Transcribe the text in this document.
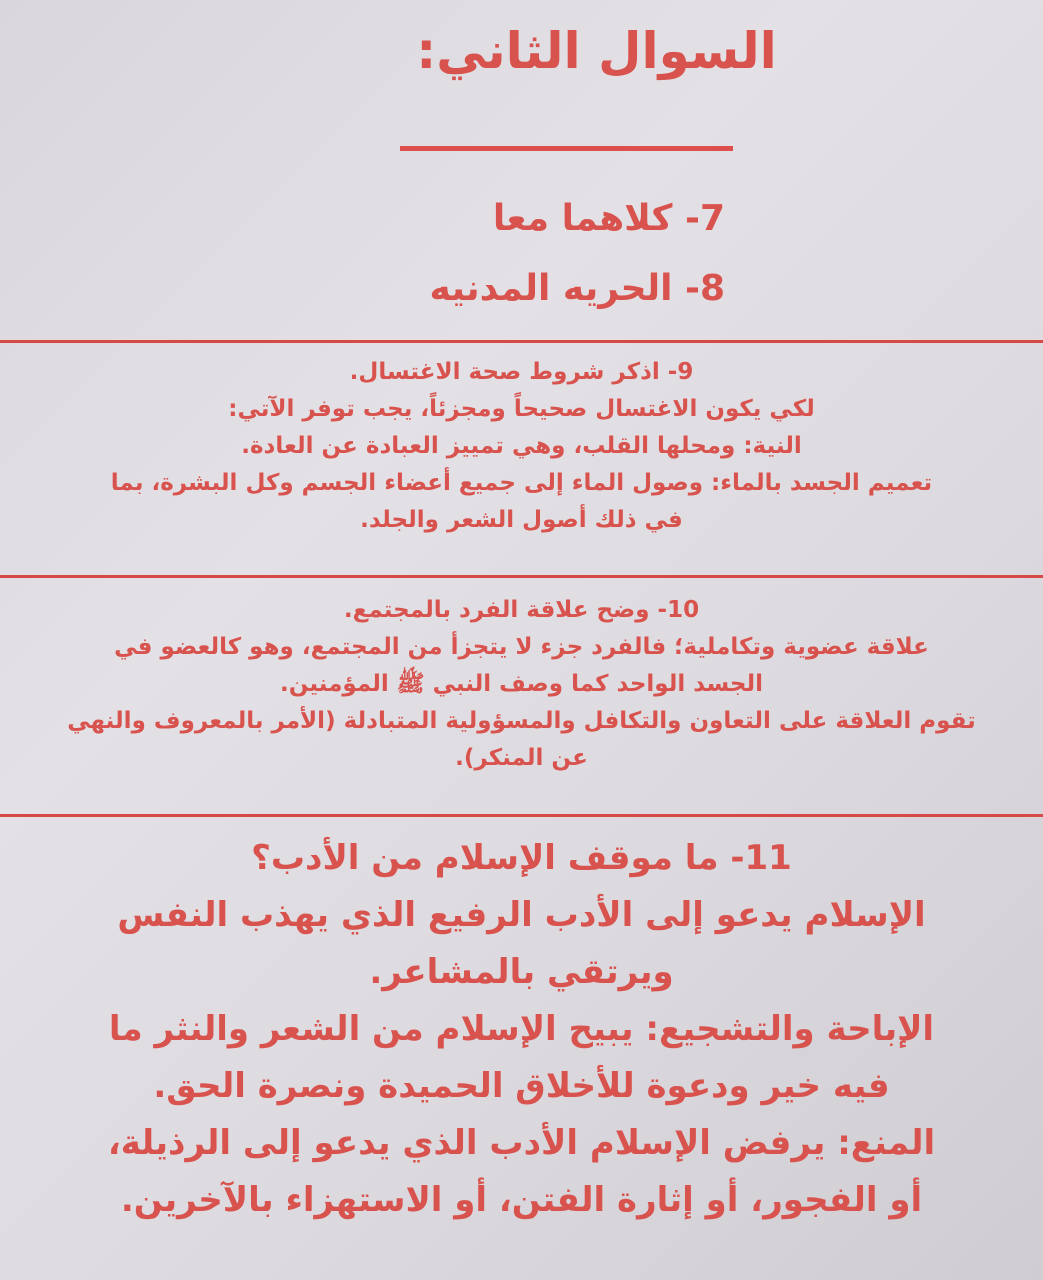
السوال الثاني:
7- كلاهما معا
8- الحريه المدنيه

9- اذكر شروط صحة الاغتسال.

لكي يكون الاغتسال صحيحاً ومجزئاً، يجب توفر الآتي:

النية: ومحلها القلب، وهي تمييز العبادة عن العادة.

تعميم الجسد بالماء: وصول الماء إلى جميع أعضاء الجسم وكل البشرة، بما

في ذلك أصول الشعر والجلد.

10- وضح علاقة الفرد بالمجتمع.

علاقة عضوية وتكاملية؛ فالفرد جزء لا يتجزأ من المجتمع، وهو كالعضو في

الجسد الواحد كما وصف النبي ﷺ المؤمنين.

تقوم العلاقة على التعاون والتكافل والمسؤولية المتبادلة (الأمر بالمعروف والنهي

عن المنكر).

11- ما موقف الإسلام من الأدب؟

الإسلام يدعو إلى الأدب الرفيع الذي يهذب النفس

ويرتقي بالمشاعر.

الإباحة والتشجيع: يبيح الإسلام من الشعر والنثر ما

فيه خير ودعوة للأخلاق الحميدة ونصرة الحق.

المنع: يرفض الإسلام الأدب الذي يدعو إلى الرذيلة،

أو الفجور، أو إثارة الفتن، أو الاستهزاء بالآخرين.
